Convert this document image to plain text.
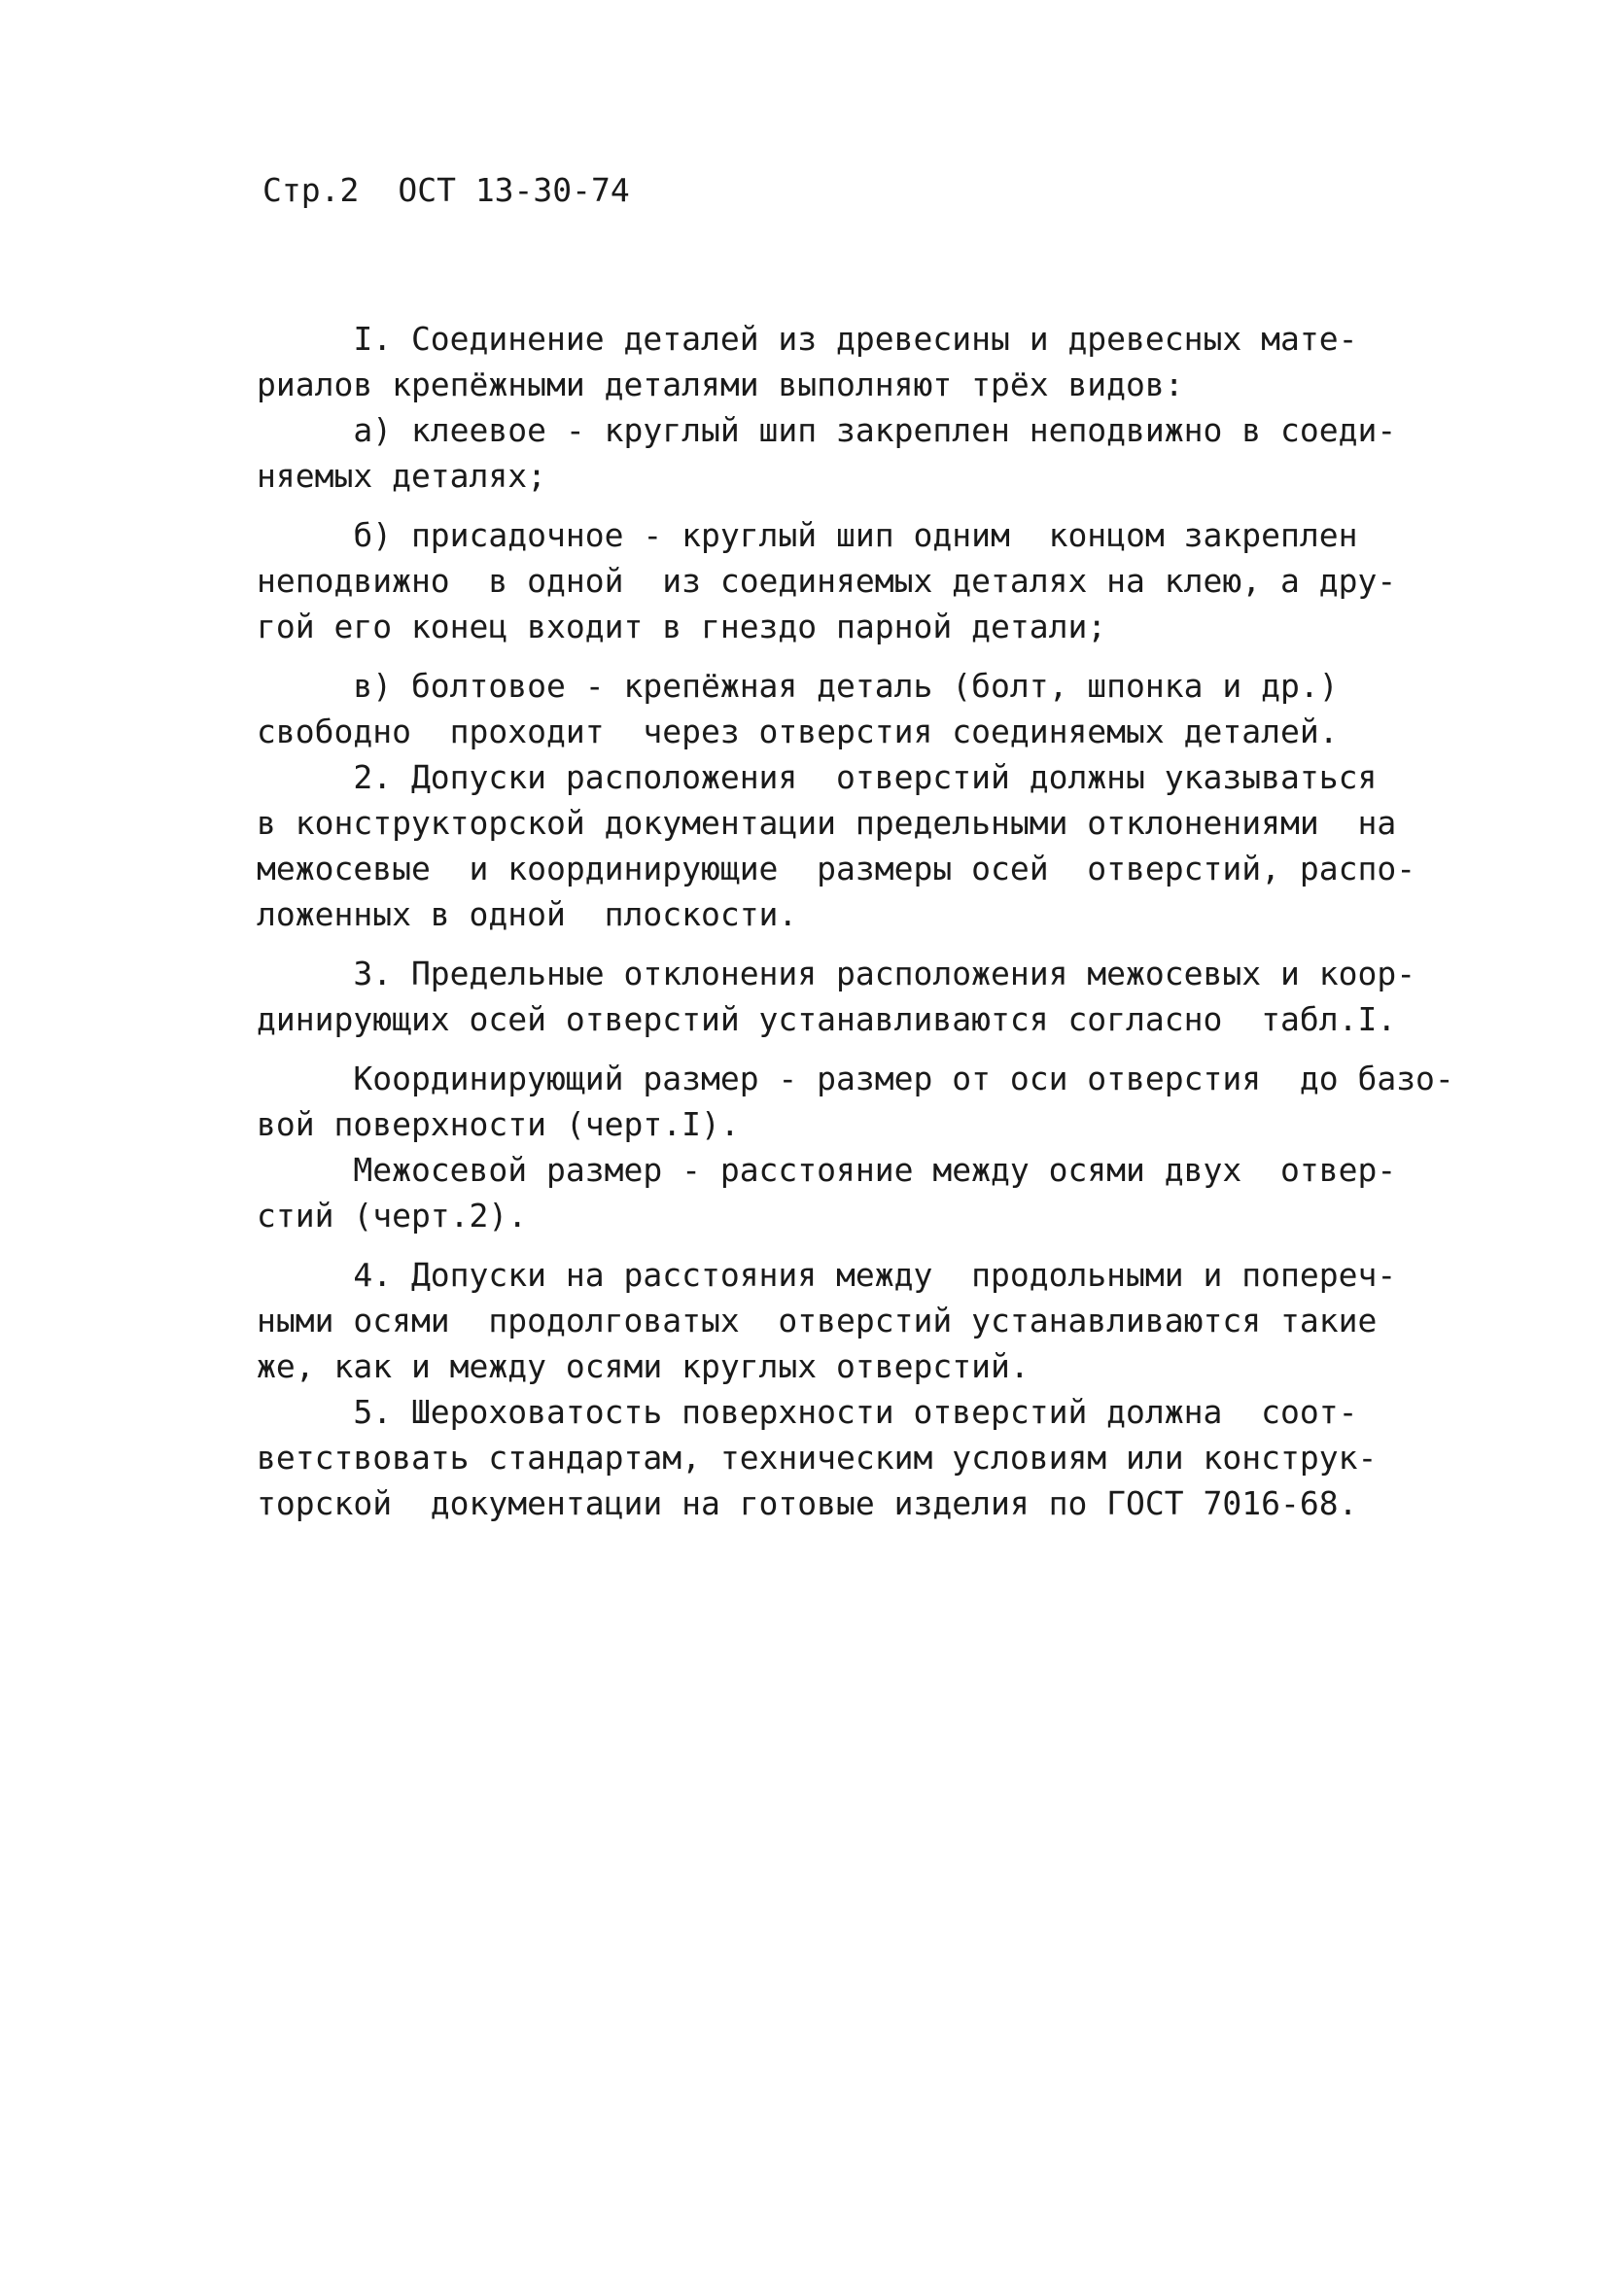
Стр.2 ОСТ 13-30-74
I. Соединение деталей из древесины и древесных мате-
риалов крепёжными деталями выполняют трёх видов:
а) клеевое - круглый шип закреплен неподвижно в соеди-
няемых деталях;
б) присадочное - круглый шип одним  концом закреплен
неподвижно  в одной  из соединяемых деталях на клею, а дру-
гой его конец входит в гнездо парной детали;
в) болтовое - крепёжная деталь (болт, шпонка и др.)
свободно  проходит  через отверстия соединяемых деталей.
2. Допуски расположения  отверстий должны указываться
в конструкторской документации предельными отклонениями  на
межосевые  и координирующие  размеры осей  отверстий, распо-
ложенных в одной  плоскости.
3. Предельные отклонения расположения межосевых и коор-
динирующих осей отверстий устанавливаются согласно  табл.I.
Координирующий размер - размер от оси отверстия  до базо-
вой поверхности (черт.I).
Межосевой размер - расстояние между осями двух  отвер-
стий (черт.2).
4. Допуски на расстояния между  продольными и попереч-
ными осями  продолговатых  отверстий устанавливаются такие
же, как и между осями круглых отверстий.
5. Шероховатость поверхности отверстий должна  соот-
ветствовать стандартам, техническим условиям или конструк-
торской  документации на готовые изделия по ГОСТ 7016-68.
